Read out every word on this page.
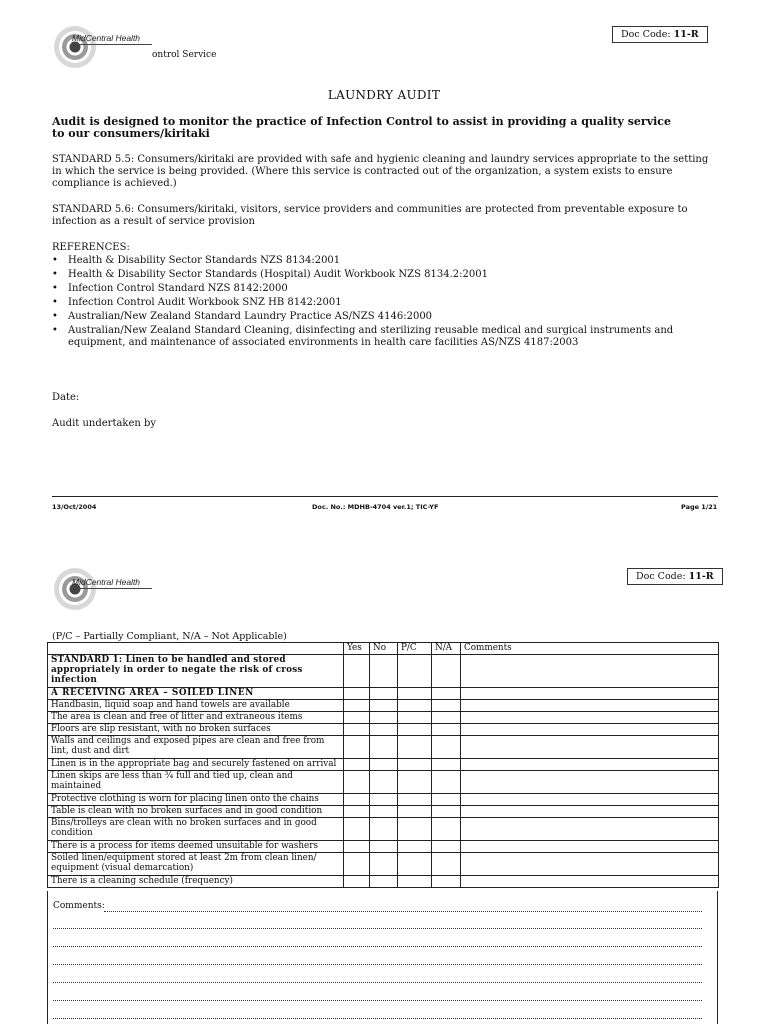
MidCentral Health
ontrol Service
Doc Code: 11-R
LAUNDRY AUDIT
Audit is designed to monitor the practice of Infection Control to assist in providing a quality service to our consumers/kiritaki
STANDARD 5.5: Consumers/kiritaki are provided with safe and hygienic cleaning and laundry services appropriate to the setting in which the service is being provided. (Where this service is contracted out of the organization, a system exists to ensure compliance is achieved.)
STANDARD 5.6: Consumers/kiritaki, visitors, service providers and communities are protected from preventable exposure to infection as a result of service provision
REFERENCES:
• Health & Disability Sector Standards NZS 8134:2001
• Health & Disability Sector Standards (Hospital) Audit Workbook NZS 8134.2:2001
• Infection Control Standard NZS 8142:2000
• Infection Control Audit Workbook SNZ HB 8142:2001
• Australian/New Zealand Standard Laundry Practice AS/NZS 4146:2000
• Australian/New Zealand Standard Cleaning, disinfecting and sterilizing reusable medical and surgical instruments and equipment, and maintenance of associated environments in health care facilities AS/NZS 4187:2003
Date:
Audit undertaken by
13/Oct/2004	Doc. No.: MDHB-4704 ver.1; TIC-YF	Page 1/21
MidCentral Health	Doc Code: 11-R
(P/C – Partially Compliant, N/A – Not Applicable)
	Yes	No	P/C	N/A	Comments
STANDARD 1: Linen to be handled and stored appropriately in order to negate the risk of cross infection					
A RECEIVING AREA – SOILED LINEN					
Handbasin, liquid soap and hand towels are available					
The area is clean and free of litter and extraneous items					
Floors are slip resistant, with no broken surfaces					
Walls and ceilings and exposed pipes are clean and free from lint, dust and dirt					
Linen is in the appropriate bag and securely fastened on arrival					
Linen skips are less than ¾ full and tied up, clean and maintained					
Protective clothing is worn for placing linen onto the chains					
Table is clean with no broken surfaces and in good condition					
Bins/trolleys are clean with no broken surfaces and in good condition					
There is a process for items deemed unsuitable for washers					
Soiled linen/equipment stored at least 2m from clean linen/ equipment (visual demarcation)					
There is a cleaning schedule (frequency)					
Comments:
